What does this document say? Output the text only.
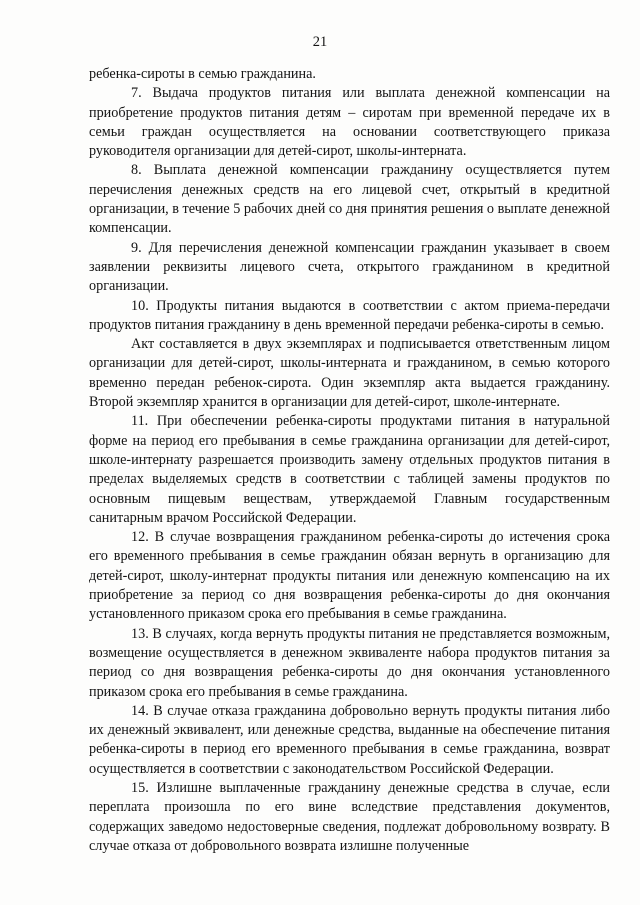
21

ребенка-сироты в семью гражданина.

7. Выдача продуктов питания или выплата денежной компенсации на приобретение продуктов питания детям – сиротам при временной передаче их в семьи граждан осуществляется на основании соответствующего приказа руководителя организации для детей-сирот, школы-интерната.

8. Выплата денежной компенсации гражданину осуществляется путем перечисления денежных средств на его лицевой счет, открытый в кредитной организации, в течение 5 рабочих дней со дня принятия решения о выплате денежной компенсации.

9. Для перечисления денежной компенсации гражданин указывает в своем заявлении реквизиты лицевого счета, открытого гражданином в кредитной организации.

10. Продукты питания выдаются в соответствии с актом приема-передачи продуктов питания гражданину в день временной передачи ребенка-сироты в семью.

Акт составляется в двух экземплярах и подписывается ответственным лицом организации для детей-сирот, школы-интерната и гражданином, в семью которого временно передан ребенок-сирота. Один экземпляр акта выдается гражданину. Второй экземпляр хранится в организации для детей-сирот, школе-интернате.

11. При обеспечении ребенка-сироты продуктами питания в натуральной форме на период его пребывания в семье гражданина организации для детей-сирот, школе-интернату разрешается производить замену отдельных продуктов питания в пределах выделяемых средств в соответствии с таблицей замены продуктов по основным пищевым веществам, утверждаемой Главным государственным санитарным врачом Российской Федерации.

12. В случае возвращения гражданином ребенка-сироты до истечения срока его временного пребывания в семье гражданин обязан вернуть в организацию для детей-сирот, школу-интернат продукты питания или денежную компенсацию на их приобретение за период со дня возвращения ребенка-сироты до дня окончания установленного приказом срока его пребывания в семье гражданина.

13. В случаях, когда вернуть продукты питания не представляется возможным, возмещение осуществляется в денежном эквиваленте набора продуктов питания за период со дня возвращения ребенка-сироты до дня окончания установленного приказом срока его пребывания в семье гражданина.

14. В случае отказа гражданина добровольно вернуть продукты питания либо их денежный эквивалент, или денежные средства, выданные на обеспечение питания ребенка-сироты в период его временного пребывания в семье гражданина, возврат осуществляется в соответствии с законодательством Российской Федерации.

15. Излишне выплаченные гражданину денежные средства в случае, если переплата произошла по его вине вследствие представления документов, содержащих заведомо недостоверные сведения, подлежат добровольному возврату. В случае отказа от добровольного возврата излишне полученные
